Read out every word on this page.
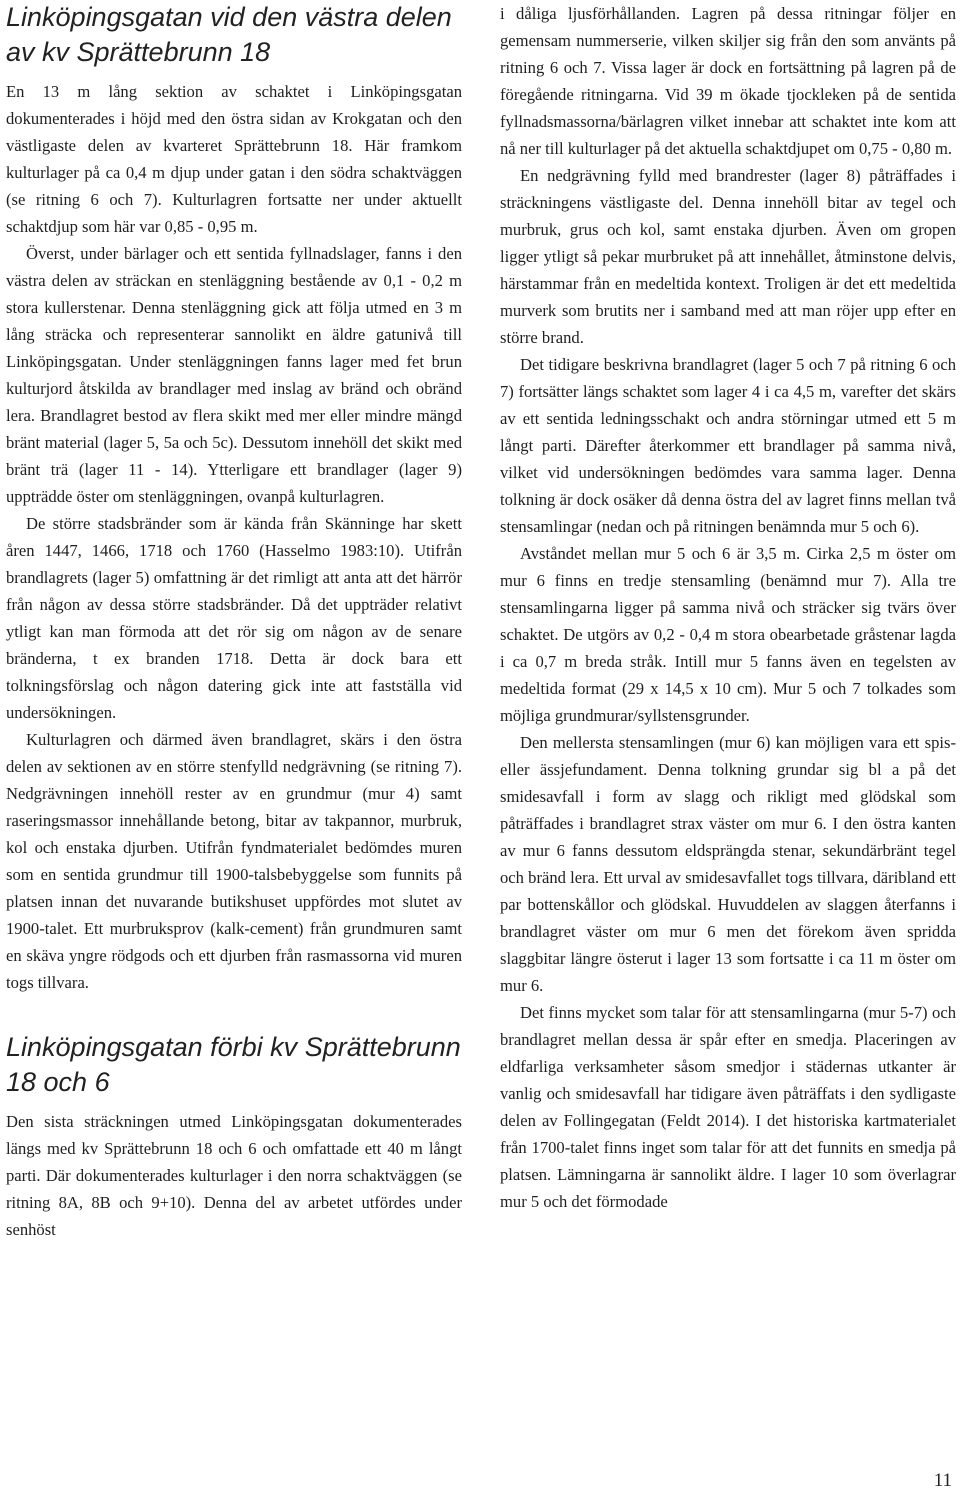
Linköpingsgatan vid den västra delen av kv Sprättebrunn 18

En 13 m lång sektion av schaktet i Linköpingsgatan dokumenterades i höjd med den östra sidan av Krokgatan och den västligaste delen av kvarteret Sprättebrunn 18. Här framkom kulturlager på ca 0,4 m djup under gatan i den södra schaktväggen (se ritning 6 och 7). Kulturlagren fortsatte ner under aktuellt schaktdjup som här var 0,85 - 0,95 m.

Överst, under bärlager och ett sentida fyllnadslager, fanns i den västra delen av sträckan en stenläggning bestående av 0,1 - 0,2 m stora kullerstenar. Denna stenläggning gick att följa utmed en 3 m lång sträcka och representerar sannolikt en äldre gatunivå till Linköpingsgatan. Under stenläggningen fanns lager med fet brun kulturjord åtskilda av brandlager med inslag av bränd och obränd lera. Brandlagret bestod av flera skikt med mer eller mindre mängd bränt material (lager 5, 5a och 5c). Dessutom innehöll det skikt med bränt trä (lager 11 - 14). Ytterligare ett brandlager (lager 9) uppträdde öster om stenläggningen, ovanpå kulturlagren.

De större stadsbränder som är kända från Skänninge har skett åren 1447, 1466, 1718 och 1760 (Hasselmo 1983:10). Utifrån brandlagrets (lager 5) omfattning är det rimligt att anta att det härrör från någon av dessa större stadsbränder. Då det uppträder relativt ytligt kan man förmoda att det rör sig om någon av de senare bränderna, t ex branden 1718. Detta är dock bara ett tolkningsförslag och någon datering gick inte att fastställa vid undersökningen.

Kulturlagren och därmed även brandlagret, skärs i den östra delen av sektionen av en större stenfylld nedgrävning (se ritning 7). Nedgrävningen innehöll rester av en grundmur (mur 4) samt raseringsmassor innehållande betong, bitar av takpannor, murbruk, kol och enstaka djurben. Utifrån fyndmaterialet bedömdes muren som en sentida grundmur till 1900-talsbebyggelse som funnits på platsen innan det nuvarande butikshuset uppfördes mot slutet av 1900-talet. Ett murbruksprov (kalk-cement) från grundmuren samt en skäva yngre rödgods och ett djurben från rasmassorna vid muren togs tillvara.

Linköpingsgatan förbi kv Sprättebrunn 18 och 6

Den sista sträckningen utmed Linköpingsgatan dokumenterades längs med kv Sprättebrunn 18 och 6 och omfattade ett 40 m långt parti. Där dokumenterades kulturlager i den norra schaktväggen (se ritning 8A, 8B och 9+10). Denna del av arbetet utfördes under senhöst

i dåliga ljusförhållanden. Lagren på dessa ritningar följer en gemensam nummerserie, vilken skiljer sig från den som använts på ritning 6 och 7. Vissa lager är dock en fortsättning på lagren på de föregående ritningarna. Vid 39 m ökade tjockleken på de sentida fyllnadsmassorna/bärlagren vilket innebar att schaktet inte kom att nå ner till kulturlager på det aktuella schaktdjupet om 0,75 - 0,80 m.

En nedgrävning fylld med brandrester (lager 8) påträffades i sträckningens västligaste del. Denna innehöll bitar av tegel och murbruk, grus och kol, samt enstaka djurben. Även om gropen ligger ytligt så pekar murbruket på att innehållet, åtminstone delvis, härstammar från en medeltida kontext. Troligen är det ett medeltida murverk som brutits ner i samband med att man röjer upp efter en större brand.

Det tidigare beskrivna brandlagret (lager 5 och 7 på ritning 6 och 7) fortsätter längs schaktet som lager 4 i ca 4,5 m, varefter det skärs av ett sentida ledningsschakt och andra störningar utmed ett 5 m långt parti. Därefter återkommer ett brandlager på samma nivå, vilket vid undersökningen bedömdes vara samma lager. Denna tolkning är dock osäker då denna östra del av lagret finns mellan två stensamlingar (nedan och på ritningen benämnda mur 5 och 6).

Avståndet mellan mur 5 och 6 är 3,5 m. Cirka 2,5 m öster om mur 6 finns en tredje stensamling (benämnd mur 7). Alla tre stensamlingarna ligger på samma nivå och sträcker sig tvärs över schaktet. De utgörs av 0,2 - 0,4 m stora obearbetade gråstenar lagda i ca 0,7 m breda stråk. Intill mur 5 fanns även en tegelsten av medeltida format (29 x 14,5 x 10 cm). Mur 5 och 7 tolkades som möjliga grundmurar/syllstensgrunder.

Den mellersta stensamlingen (mur 6) kan möjligen vara ett spis- eller ässjefundament. Denna tolkning grundar sig bl a på det smidesavfall i form av slagg och rikligt med glödskal som påträffades i brandlagret strax väster om mur 6. I den östra kanten av mur 6 fanns dessutom eldsprängda stenar, sekundärbränt tegel och bränd lera. Ett urval av smidesavfallet togs tillvara, däribland ett par bottenskållor och glödskal. Huvuddelen av slaggen återfanns i brandlagret väster om mur 6 men det förekom även spridda slaggbitar längre österut i lager 13 som fortsatte i ca 11 m öster om mur 6.

Det finns mycket som talar för att stensamlingarna (mur 5-7) och brandlagret mellan dessa är spår efter en smedja. Placeringen av eldfarliga verksamheter såsom smedjor i städernas utkanter är vanlig och smidesavfall har tidigare även påträffats i den sydligaste delen av Follingegatan (Feldt 2014). I det historiska kartmaterialet från 1700-talet finns inget som talar för att det funnits en smedja på platsen. Lämningarna är sannolikt äldre. I lager 10 som överlagrar mur 5 och det förmodade

11
